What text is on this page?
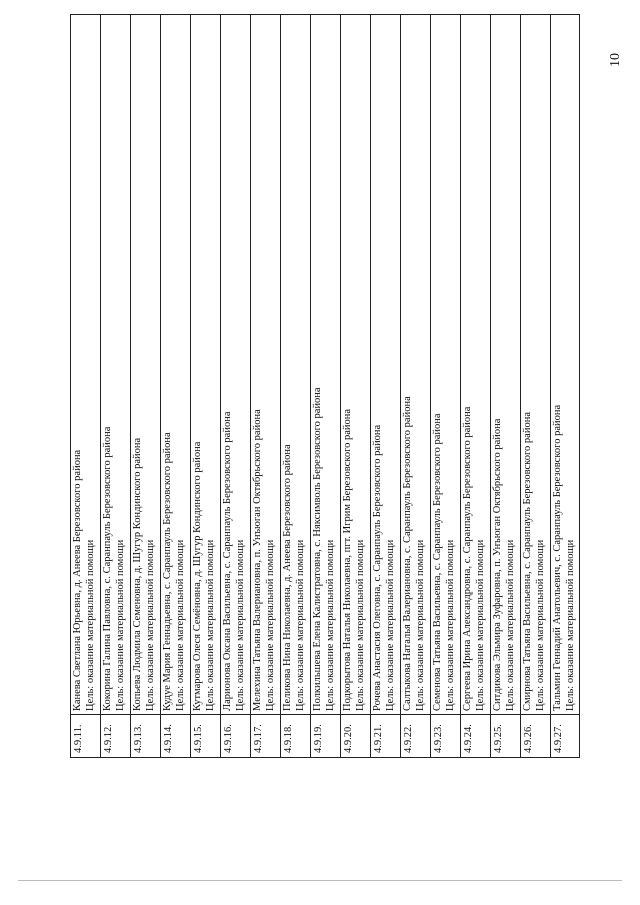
10
4.9.11.
Канева Светлана Юрьевна, д. Анеева Березовского района Цель: оказание материальной помощи
4.9.12.
Кокорина Галина Павловна, с. Саранпауль Березовского района Цель: оказание материальной помощи
4.9.13.
Копьева Людмила Семеновна, д. Шугур Кондинского района Цель: оказание материальной помощи
4.9.14.
Кудуе Мария Геннадьевна, с. Саранпауль Березовского района Цель: оказание материальной помощи
4.9.15.
Кутмарова Олеся Семёновна, д. Шугур Кондинского района Цель: оказание материальной помощи
4.9.16.
Ларионова Оксана Васильевна, с. Саранпауль Березовского района Цель: оказание материальной помощи
4.9.17.
Мелехина Татьяна Валериановна, п. Унъюган Октябрьского района Цель: оказание материальной помощи
4.9.18.
Пеликова Нина Николаевна, д. Анеева Березовского района Цель: оказание материальной помощи
4.9.19.
Полкильшева Елена Калистратовна, с. Няксимволь Березовского района Цель: оказание материальной помощи
4.9.20.
Подкорытова Наталья Николаевна, пгт. Игрим Березовского района Цель: оказание материальной помощи
4.9.21.
Рочева Анастасия Олеговна, с. Саранпауль Березовского района Цель: оказание материальной помощи
4.9.22.
Салтыкова Наталья Валериановна, с. Саранпауль Березовского района Цель: оказание материальной помощи
4.9.23.
Семенова Татьяна Васильевна, с. Саранпауль Березовского района Цель: оказание материальной помощи
4.9.24.
Сергеева Ирина Александровна, с. Саранпауль Березовского района Цель: оказание материальной помощи
4.9.25.
Ситдикова Эльмира Зуфаровна, п. Унъюган Октябрьского района Цель: оказание материальной помощи
4.9.26.
Смирнова Татьяна Васильевна, с. Саранпауль Березовского района Цель: оказание материальной помощи
4.9.27.
Тальмин Геннадий Анатольевич, с. Саранпауль Березовского района Цель: оказание материальной помощи
